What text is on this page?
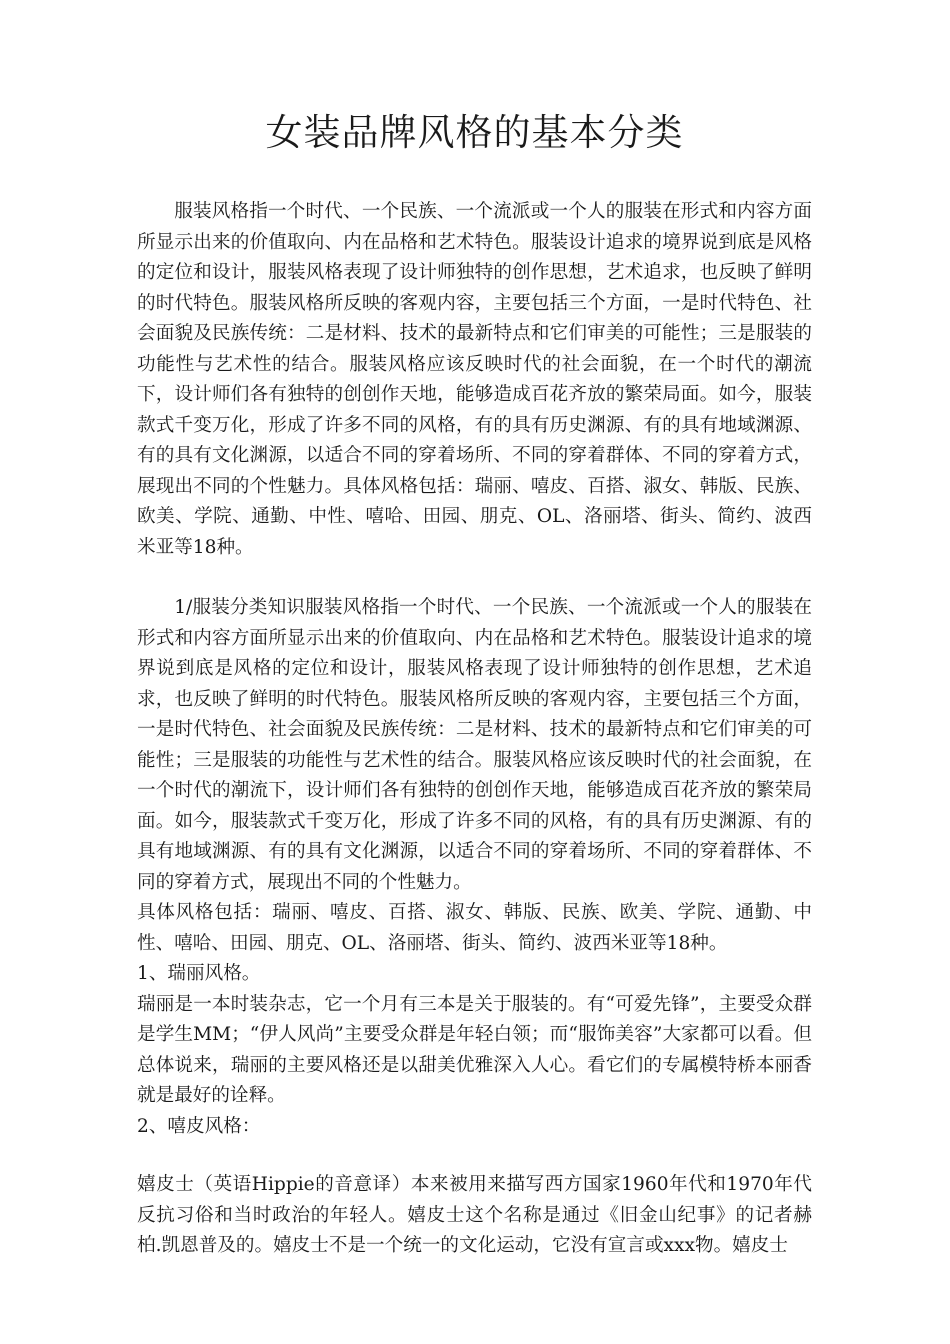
女装品牌风格的基本分类

服装风格指一个时代、一个民族、一个流派或一个人的服装在形式和内容方面所显示出来的价值取向、内在品格和艺术特色。服装设计追求的境界说到底是风格的定位和设计，服装风格表现了设计师独特的创作思想，艺术追求，也反映了鲜明的时代特色。服装风格所反映的客观内容，主要包括三个方面，一是时代特色、社会面貌及民族传统：二是材料、技术的最新特点和它们审美的可能性；三是服装的功能性与艺术性的结合。服装风格应该反映时代的社会面貌，在一个时代的潮流下，设计师们各有独特的创创作天地，能够造成百花齐放的繁荣局面。如今，服装款式千变万化，形成了许多不同的风格，有的具有历史渊源、有的具有地域渊源、有的具有文化渊源，以适合不同的穿着场所、不同的穿着群体、不同的穿着方式，展现出不同的个性魅力。具体风格包括：瑞丽、嘻皮、百搭、淑女、韩版、民族、欧美、学院、通勤、中性、嘻哈、田园、朋克、OL、洛丽塔、街头、简约、波西米亚等18种。

1/服装分类知识服装风格指一个时代、一个民族、一个流派或一个人的服装在形式和内容方面所显示出来的价值取向、内在品格和艺术特色。服装设计追求的境界说到底是风格的定位和设计，服装风格表现了设计师独特的创作思想，艺术追求，也反映了鲜明的时代特色。服装风格所反映的客观内容，主要包括三个方面，一是时代特色、社会面貌及民族传统：二是材料、技术的最新特点和它们审美的可能性；三是服装的功能性与艺术性的结合。服装风格应该反映时代的社会面貌，在一个时代的潮流下，设计师们各有独特的创创作天地，能够造成百花齐放的繁荣局面。如今，服装款式千变万化，形成了许多不同的风格，有的具有历史渊源、有的具有地域渊源、有的具有文化渊源，以适合不同的穿着场所、不同的穿着群体、不同的穿着方式，展现出不同的个性魅力。

具体风格包括：瑞丽、嘻皮、百搭、淑女、韩版、民族、欧美、学院、通勤、中性、嘻哈、田园、朋克、OL、洛丽塔、街头、简约、波西米亚等18种。

1、瑞丽风格。

瑞丽是一本时装杂志，它一个月有三本是关于服装的。有“可爱先锋”，主要受众群是学生MM；“伊人风尚”主要受众群是年轻白领；而“服饰美容”大家都可以看。但总体说来，瑞丽的主要风格还是以甜美优雅深入人心。看它们的专属模特桥本丽香就是最好的诠释。

2、嘻皮风格：

嬉皮士（英语Hippie的音意译）本来被用来描写西方国家1960年代和1970年代反抗习俗和当时政治的年轻人。嬉皮士这个名称是通过《旧金山纪事》的记者赫柏.凯恩普及的。嬉皮士不是一个统一的文化运动，它没有宣言或xxx物。嬉皮士
